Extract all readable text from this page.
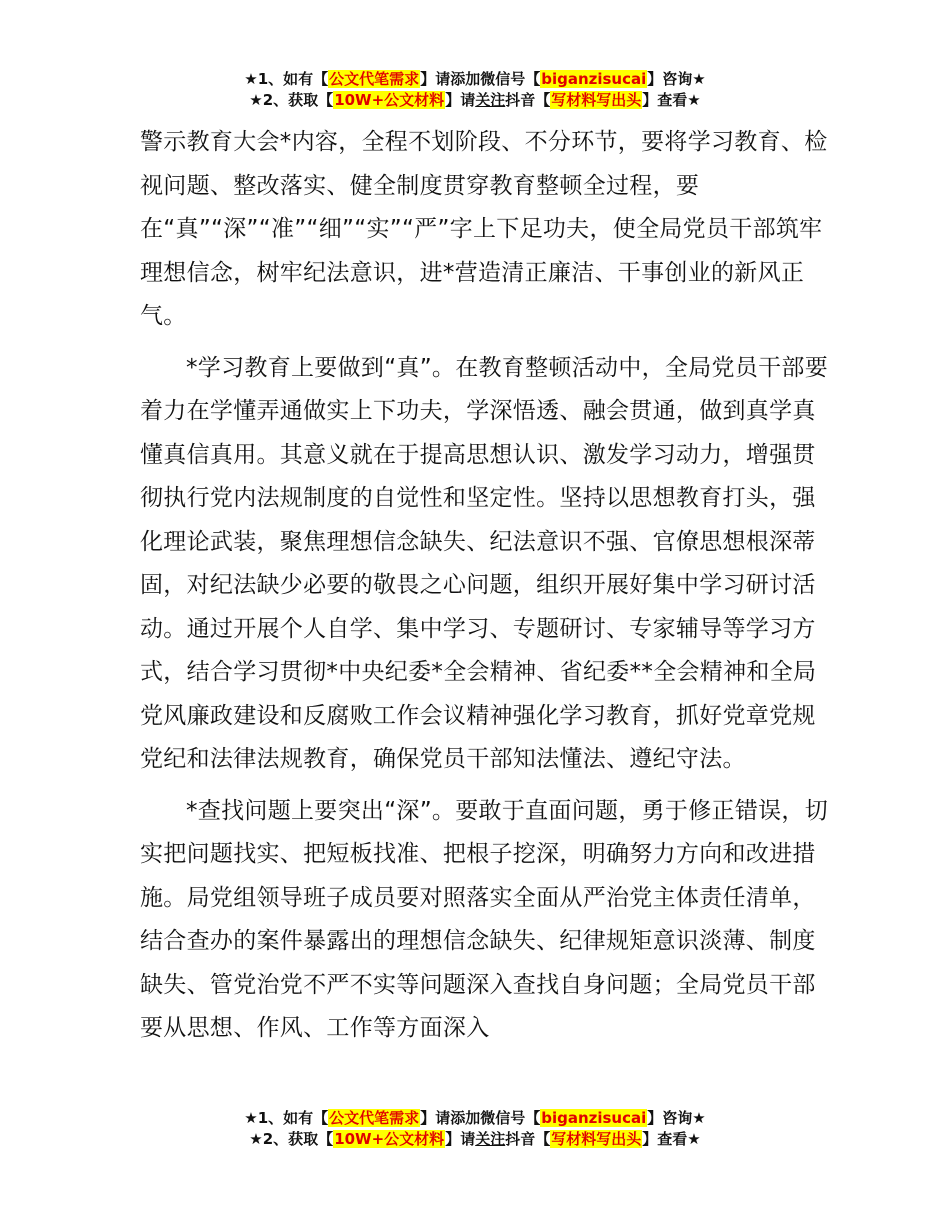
★1、如有【公文代笔需求】请添加微信号【biganzisucai】咨询★
★2、获取【10W+公文材料】请关注抖音【写材料写出头】查看★

警示教育大会*内容，全程不划阶段、不分环节，要将学习教育、检视问题、整改落实、健全制度贯穿教育整顿全过程，要在“真”“深”“准”“细”“实”“严”字上下足功夫，使全局党员干部筑牢理想信念，树牢纪法意识，进*营造清正廉洁、干事创业的新风正气。

*学习教育上要做到“真”。在教育整顿活动中，全局党员干部要着力在学懂弄通做实上下功夫，学深悟透、融会贯通，做到真学真懂真信真用。其意义就在于提高思想认识、激发学习动力，增强贯彻执行党内法规制度的自觉性和坚定性。坚持以思想教育打头，强化理论武装，聚焦理想信念缺失、纪法意识不强、官僚思想根深蒂固，对纪法缺少必要的敬畏之心问题，组织开展好集中学习研讨活动。通过开展个人自学、集中学习、专题研讨、专家辅导等学习方式，结合学习贯彻*中央纪委*全会精神、省纪委**全会精神和全局党风廉政建设和反腐败工作会议精神强化学习教育，抓好党章党规党纪和法律法规教育，确保党员干部知法懂法、遵纪守法。

*查找问题上要突出“深”。要敢于直面问题，勇于修正错误，切实把问题找实、把短板找准、把根子挖深，明确努力方向和改进措施。局党组领导班子成员要对照落实全面从严治党主体责任清单，结合查办的案件暴露出的理想信念缺失、纪律规矩意识淡薄、制度缺失、管党治党不严不实等问题深入查找自身问题；全局党员干部要从思想、作风、工作等方面深入

★1、如有【公文代笔需求】请添加微信号【biganzisucai】咨询★
★2、获取【10W+公文材料】请关注抖音【写材料写出头】查看★
